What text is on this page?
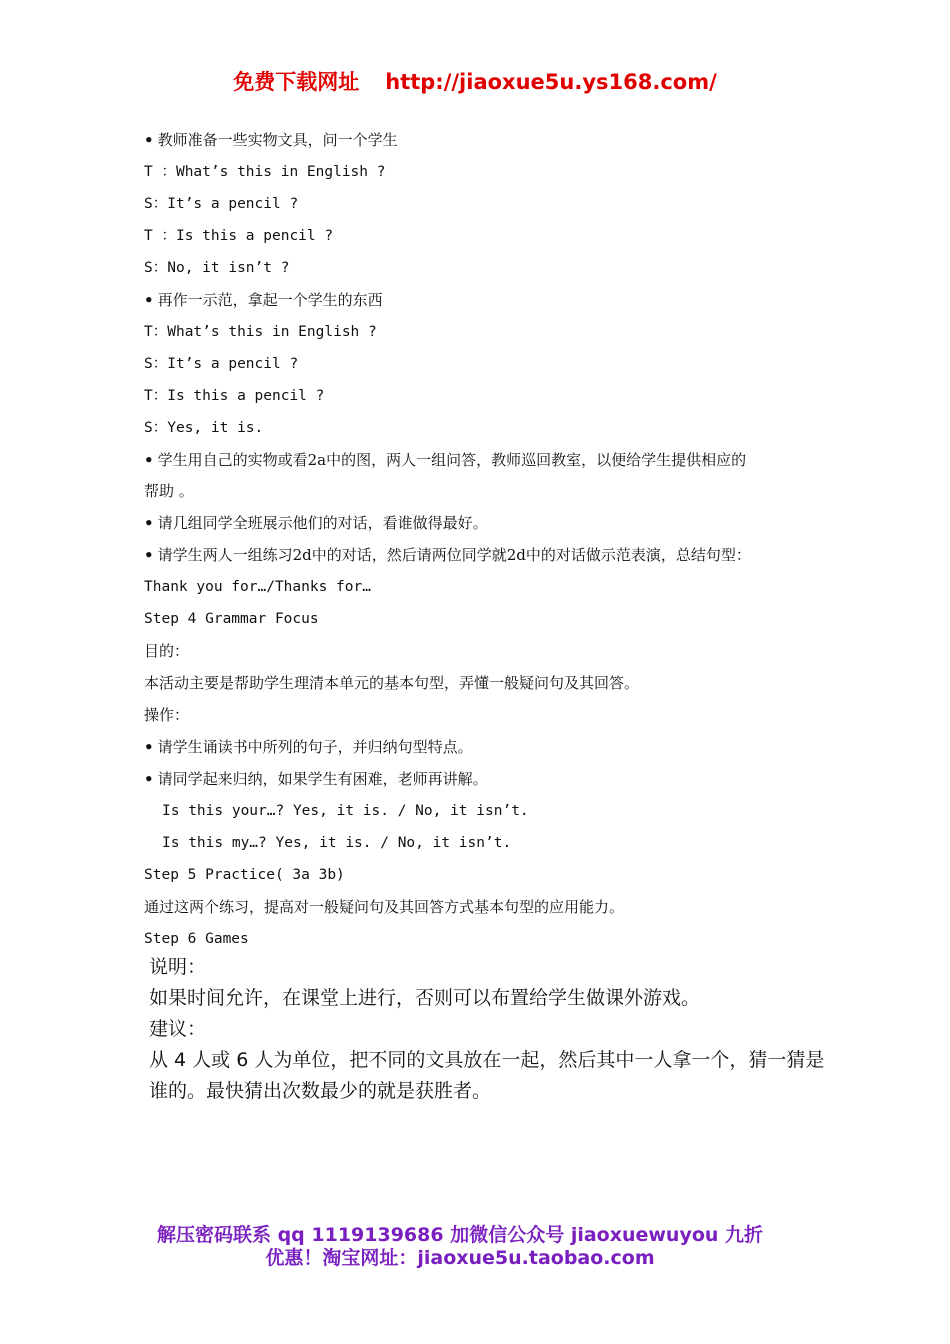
免费下载网址 http://jiaoxue5u.ys168.com/
• 教师准备一些实物文具，问一个学生
T ：What’s this in English ?
S：It’s a pencil ?
T ：Is this a pencil ?
S：No, it isn’t ?
• 再作一示范，拿起一个学生的东西
T：What’s this in English ?
S：It’s a pencil ?
T：Is this a pencil ?
S：Yes, it is.
• 学生用自己的实物或看2a中的图，两人一组问答，教师巡回教室，以便给学生提供相应的
帮助 。
• 请几组同学全班展示他们的对话，看谁做得最好。
• 请学生两人一组练习2d中的对话，然后请两位同学就2d中的对话做示范表演，总结句型：
Thank you for…/Thanks for…
Step 4 Grammar Focus
目的：
本活动主要是帮助学生理清本单元的基本句型，弄懂一般疑问句及其回答。
操作：
• 请学生诵读书中所列的句子，并归纳句型特点。
• 请同学起来归纳，如果学生有困难，老师再讲解。
Is this your…? Yes, it is. / No, it isn’t.
Is this my…? Yes, it is. / No, it isn’t.
Step 5 Practice( 3a 3b)
通过这两个练习，提高对一般疑问句及其回答方式基本句型的应用能力。
Step 6 Games
说明：
如果时间允许，在课堂上进行，否则可以布置给学生做课外游戏。
建议：
从 4 人或 6 人为单位，把不同的文具放在一起，然后其中一人拿一个，猜一猜是
谁的。最快猜出次数最少的就是获胜者。
解压密码联系 qq 1119139686 加微信公众号 jiaoxuewuyou 九折
优惠！淘宝网址：jiaoxue5u.taobao.com
